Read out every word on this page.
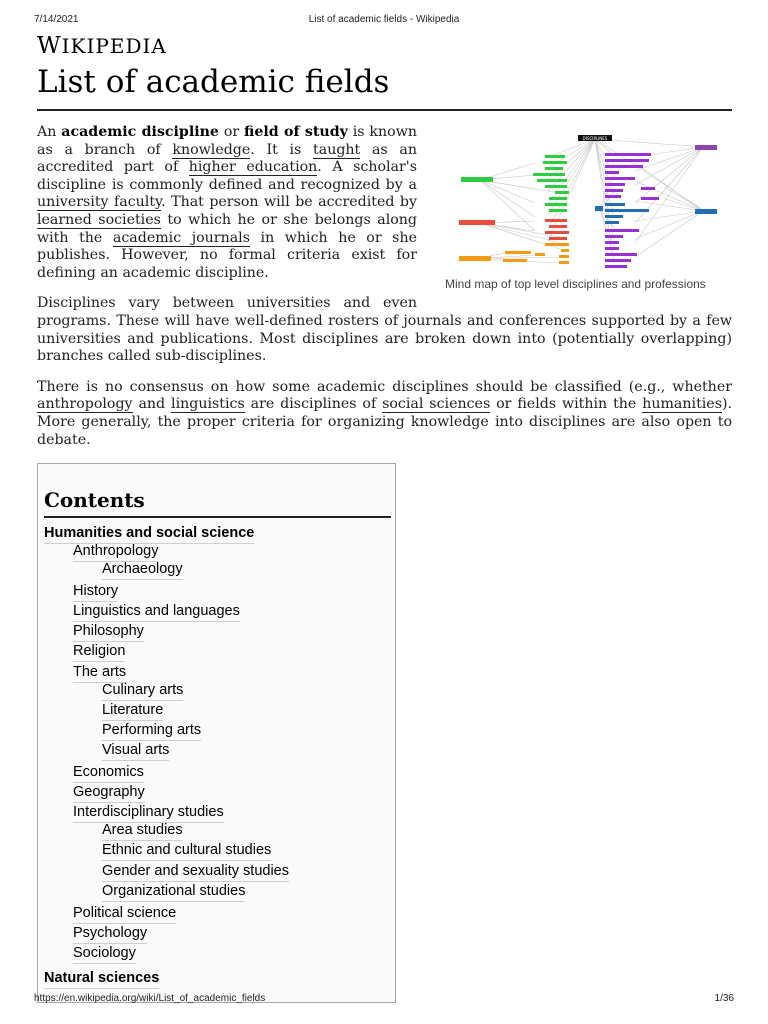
7/14/2021	List of academic fields - Wikipedia
WIKIPEDIA
List of academic fields
DISCIPLINES
Mind map of top level disciplines and professions

An academic discipline or field of study is known as a branch of knowledge. It is taught as an accredited part of higher education. A scholar's discipline is commonly defined and recognized by a university faculty. That person will be accredited by learned societies to which he or she belongs along with the academic journals in which he or she publishes. However, no formal criteria exist for defining an academic discipline.

Disciplines vary between universities and even programs. These will have well-defined rosters of journals and conferences supported by a few universities and publications. Most disciplines are broken down into (potentially overlapping) branches called sub-disciplines.

There is no consensus on how some academic disciplines should be classified (e.g., whether anthropology and linguistics are disciplines of social sciences or fields within the humanities). More generally, the proper criteria for organizing knowledge into disciplines are also open to debate.

Contents
Humanities and social science
Anthropology
Archaeology
History
Linguistics and languages
Philosophy
Religion
The arts
Culinary arts
Literature
Performing arts
Visual arts
Economics
Geography
Interdisciplinary studies
Area studies
Ethnic and cultural studies
Gender and sexuality studies
Organizational studies
Political science
Psychology
Sociology
Natural sciences
https://en.wikipedia.org/wiki/List_of_academic_fields	1/36
